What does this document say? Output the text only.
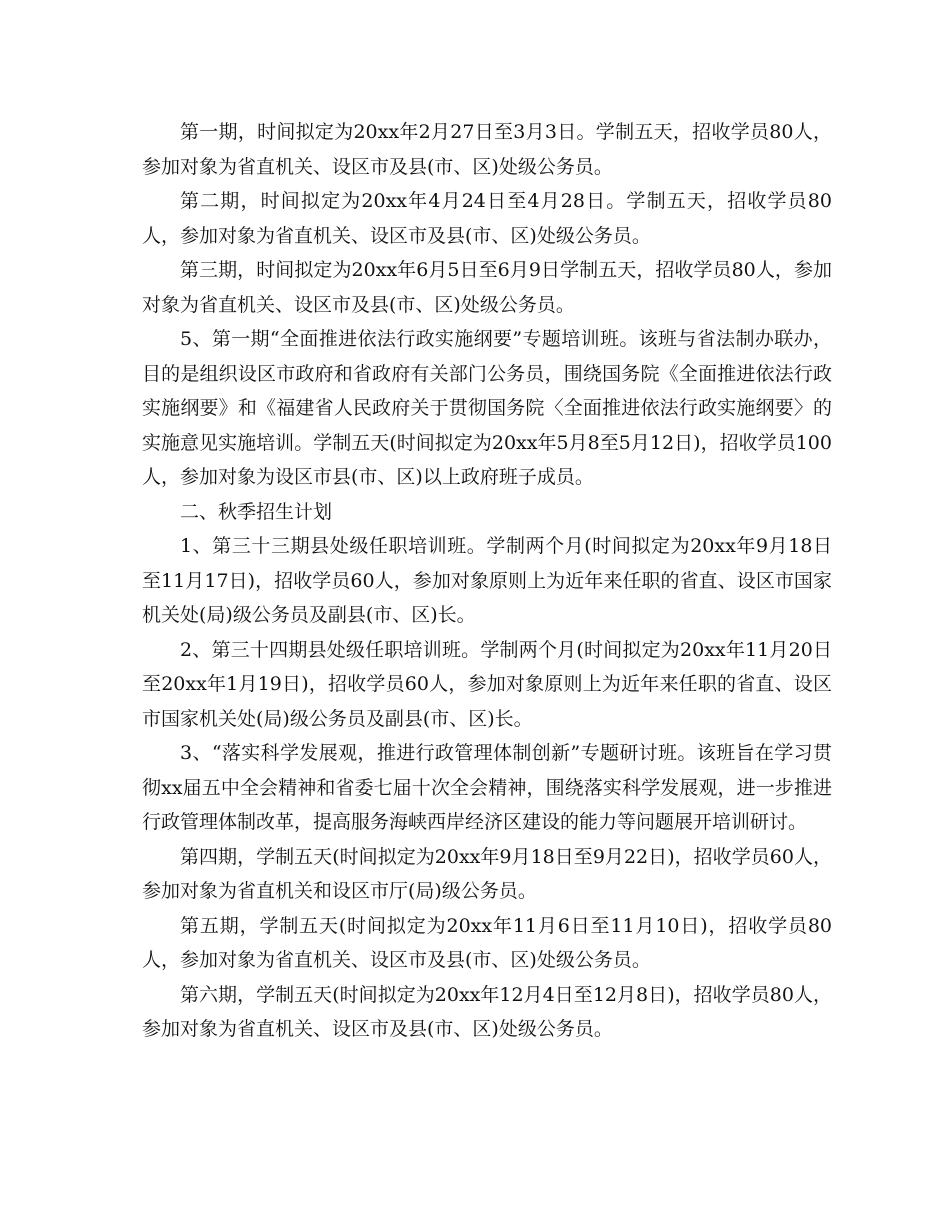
第一期，时间拟定为20xx年2月27日至3月3日。学制五天，招收学员80人，参加对象为省直机关、设区市及县(市、区)处级公务员。

第二期，时间拟定为20xx年4月24日至4月28日。学制五天，招收学员80人，参加对象为省直机关、设区市及县(市、区)处级公务员。

第三期，时间拟定为20xx年6月5日至6月9日学制五天，招收学员80人，参加对象为省直机关、设区市及县(市、区)处级公务员。

5、第一期“全面推进依法行政实施纲要”专题培训班。该班与省法制办联办，目的是组织设区市政府和省政府有关部门公务员，围绕国务院《全面推进依法行政实施纲要》和《福建省人民政府关于贯彻国务院〈全面推进依法行政实施纲要〉的实施意见实施培训。学制五天(时间拟定为20xx年5月8至5月12日)，招收学员100人，参加对象为设区市县(市、区)以上政府班子成员。

二、秋季招生计划

1、第三十三期县处级任职培训班。学制两个月(时间拟定为20xx年9月18日至11月17日)，招收学员60人，参加对象原则上为近年来任职的省直、设区市国家机关处(局)级公务员及副县(市、区)长。

2、第三十四期县处级任职培训班。学制两个月(时间拟定为20xx年11月20日至20xx年1月19日)，招收学员60人，参加对象原则上为近年来任职的省直、设区市国家机关处(局)级公务员及副县(市、区)长。

3、“落实科学发展观，推进行政管理体制创新”专题研讨班。该班旨在学习贯彻xx届五中全会精神和省委七届十次全会精神，围绕落实科学发展观，进一步推进行政管理体制改革，提高服务海峡西岸经济区建设的能力等问题展开培训研讨。

第四期，学制五天(时间拟定为20xx年9月18日至9月22日)，招收学员60人，参加对象为省直机关和设区市厅(局)级公务员。

第五期，学制五天(时间拟定为20xx年11月6日至11月10日)，招收学员80人，参加对象为省直机关、设区市及县(市、区)处级公务员。

第六期，学制五天(时间拟定为20xx年12月4日至12月8日)，招收学员80人，参加对象为省直机关、设区市及县(市、区)处级公务员。
